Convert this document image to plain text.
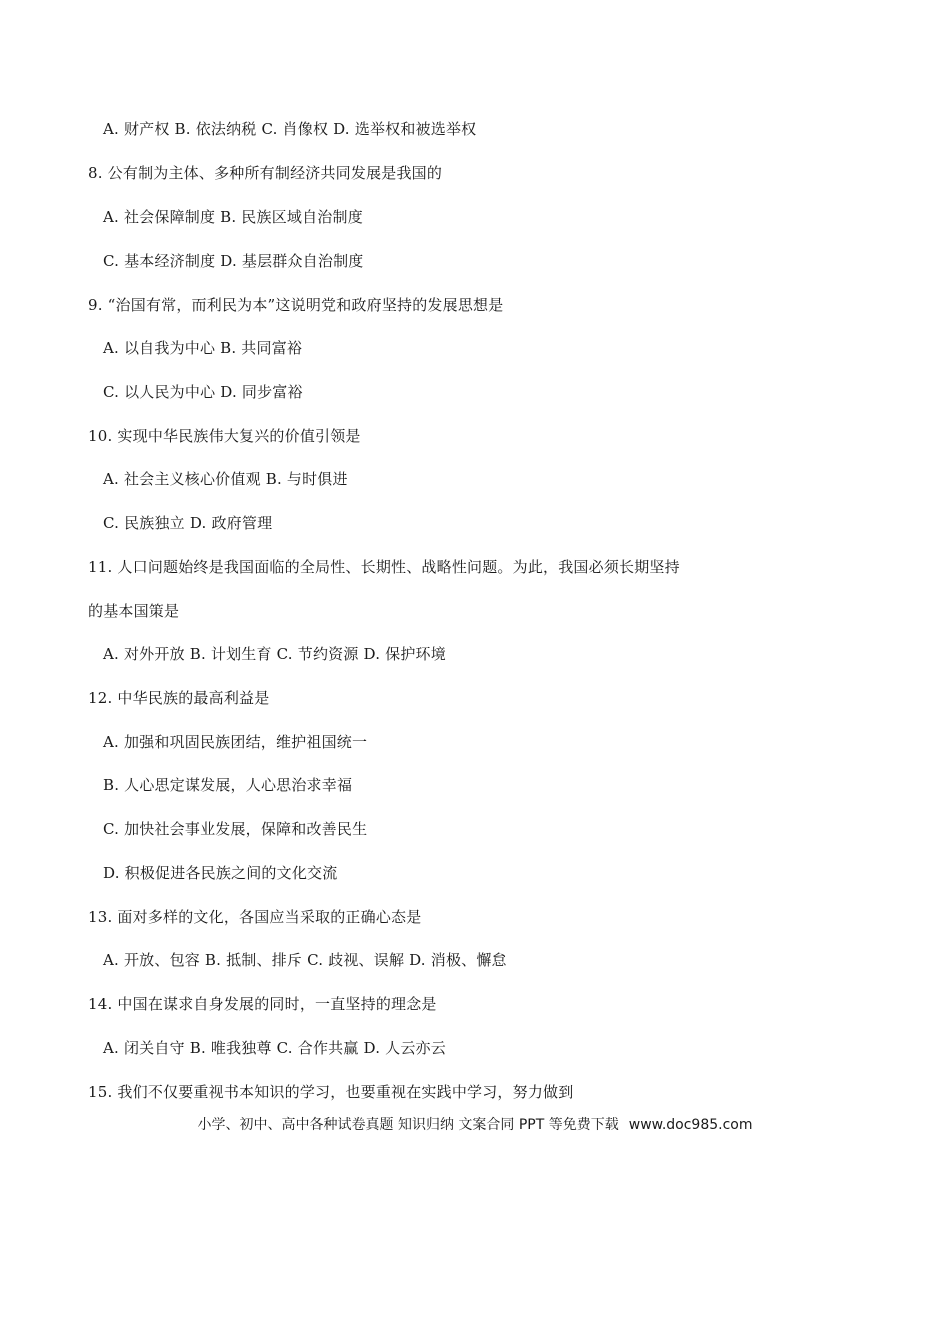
A. 财产权 B. 依法纳税 C. 肖像权 D. 选举权和被选举权
8. 公有制为主体、多种所有制经济共同发展是我国的
A. 社会保障制度 B. 民族区域自治制度
C. 基本经济制度 D. 基层群众自治制度
9. “治国有常，而利民为本”这说明党和政府坚持的发展思想是
A. 以自我为中心 B. 共同富裕
C. 以人民为中心 D. 同步富裕
10. 实现中华民族伟大复兴的价值引领是
A. 社会主义核心价值观 B. 与时俱进
C. 民族独立 D. 政府管理
11. 人口问题始终是我国面临的全局性、长期性、战略性问题。为此，我国必须长期坚持
的基本国策是
A. 对外开放 B. 计划生育 C. 节约资源 D. 保护环境
12. 中华民族的最高利益是
A. 加强和巩固民族团结，维护祖国统一
B. 人心思定谋发展，人心思治求幸福
C. 加快社会事业发展，保障和改善民生
D. 积极促进各民族之间的文化交流
13. 面对多样的文化，各国应当采取的正确心态是
A. 开放、包容 B. 抵制、排斥 C. 歧视、误解 D. 消极、懈怠
14. 中国在谋求自身发展的同时，一直坚持的理念是
A. 闭关自守 B. 唯我独尊 C. 合作共赢 D. 人云亦云
15. 我们不仅要重视书本知识的学习，也要重视在实践中学习，努力做到
小学、初中、高中各种试卷真题 知识归纳 文案合同 PPT 等免费下载 www.doc985.com
